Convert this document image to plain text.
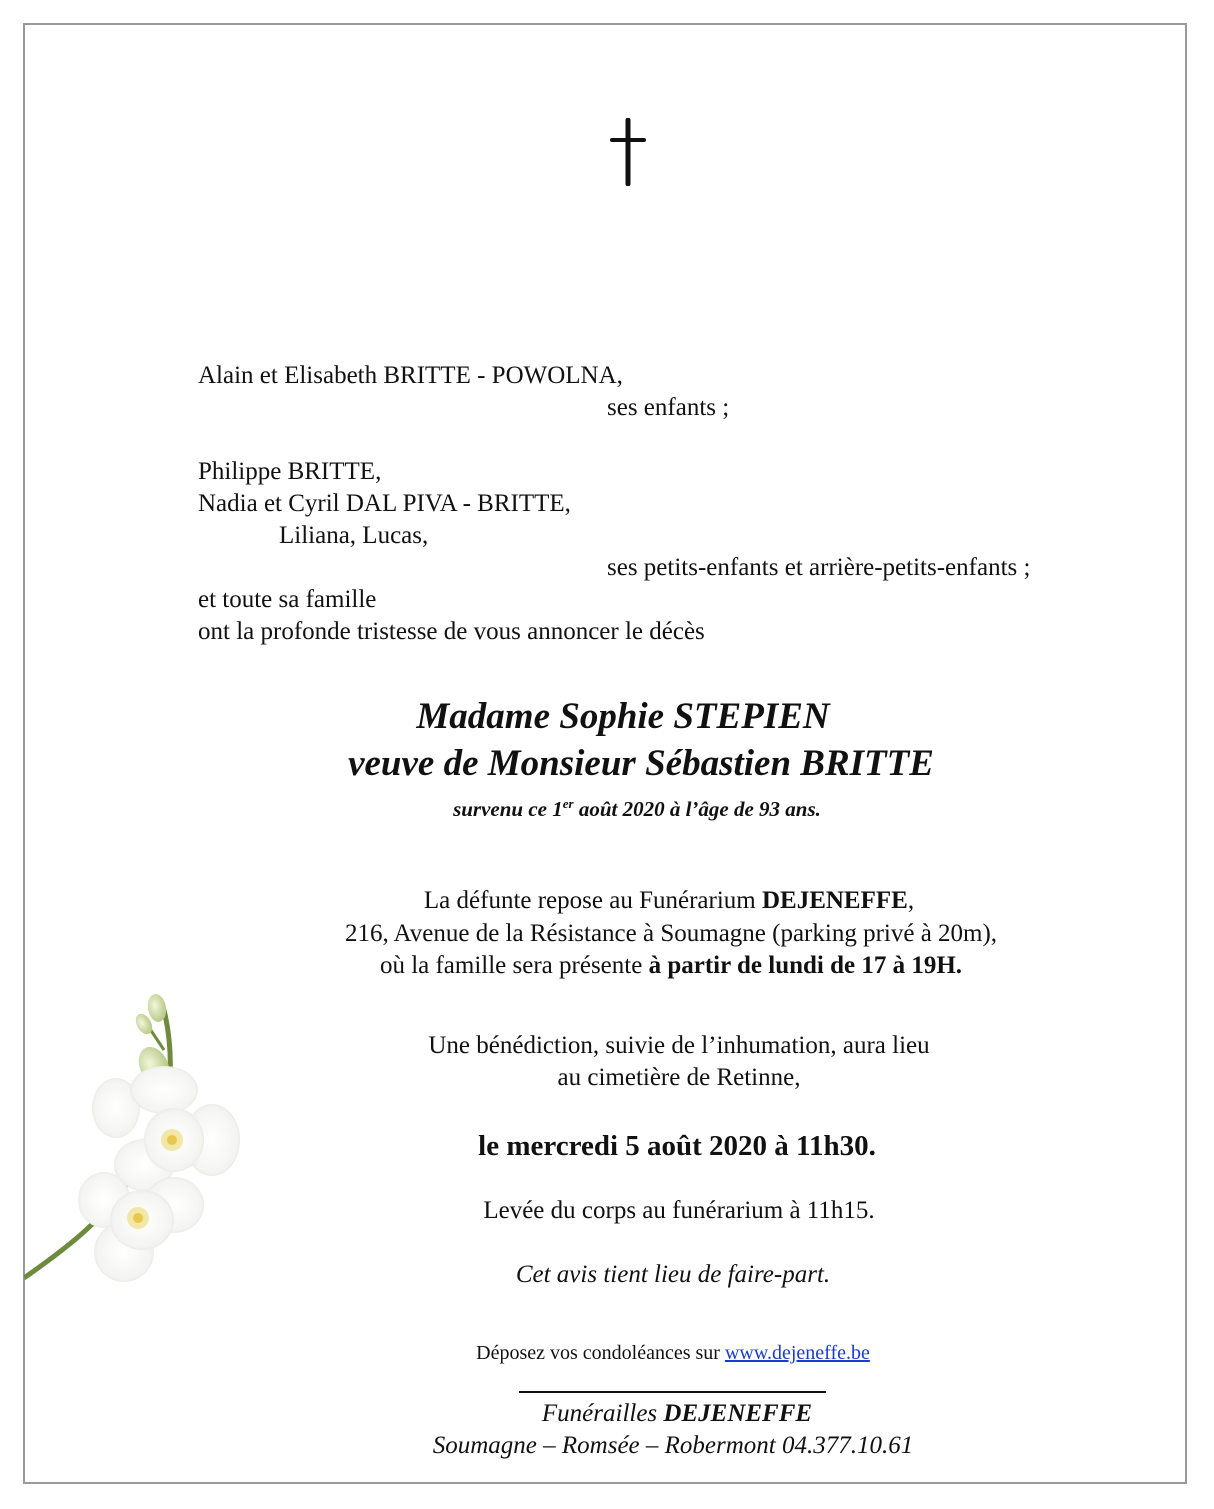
Alain et Elisabeth BRITTE - POWOLNA,
ses enfants ;
Philippe BRITTE,
Nadia et Cyril DAL PIVA - BRITTE,
Liliana, Lucas,
ses petits-enfants et arrière-petits-enfants ;
et toute sa famille
ont la profonde tristesse de vous annoncer le décès
Madame Sophie STEPIEN
veuve de Monsieur Sébastien BRITTE
survenu ce 1er août 2020 à l’âge de 93 ans.
La défunte repose au Funérarium DEJENEFFE,
216, Avenue de la Résistance à Soumagne (parking privé à 20m),
où la famille sera présente à partir de lundi de 17 à 19H.
Une bénédiction, suivie de l’inhumation, aura lieu
au cimetière de Retinne,
le mercredi 5 août 2020 à 11h30.
Levée du corps au funérarium à 11h15.
Cet avis tient lieu de faire-part.
Déposez vos condoléances sur www.dejeneffe.be
Funérailles DEJENEFFE
Soumagne – Romsée – Robermont 04.377.10.61
